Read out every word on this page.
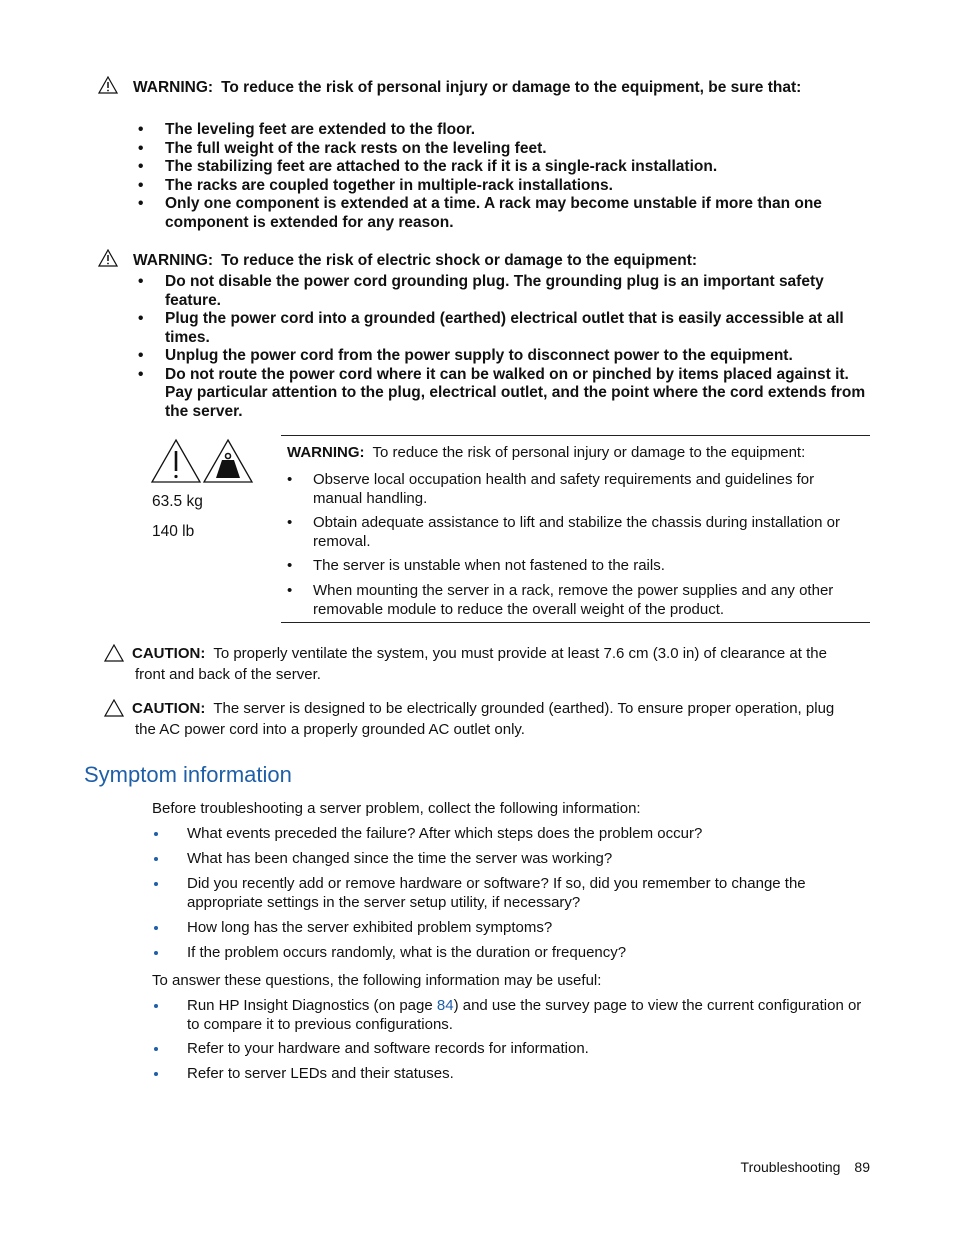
WARNING: To reduce the risk of personal injury or damage to the equipment, be sure that:
• The leveling feet are extended to the floor.
• The full weight of the rack rests on the leveling feet.
• The stabilizing feet are attached to the rack if it is a single-rack installation.
• The racks are coupled together in multiple-rack installations.
• Only one component is extended at a time. A rack may become unstable if more than one component is extended for any reason.
WARNING: To reduce the risk of electric shock or damage to the equipment:
• Do not disable the power cord grounding plug. The grounding plug is an important safety feature.
• Plug the power cord into a grounded (earthed) electrical outlet that is easily accessible at all times.
• Unplug the power cord from the power supply to disconnect power to the equipment.
• Do not route the power cord where it can be walked on or pinched by items placed against it. Pay particular attention to the plug, electrical outlet, and the point where the cord extends from the server.
63.5 kg
140 lb
WARNING: To reduce the risk of personal injury or damage to the equipment:
• Observe local occupation health and safety requirements and guidelines for manual handling.
• Obtain adequate assistance to lift and stabilize the chassis during installation or removal.
• The server is unstable when not fastened to the rails.
• When mounting the server in a rack, remove the power supplies and any other removable module to reduce the overall weight of the product.
CAUTION: To properly ventilate the system, you must provide at least 7.6 cm (3.0 in) of clearance at the
front and back of the server.
CAUTION: The server is designed to be electrically grounded (earthed). To ensure proper operation, plug
the AC power cord into a properly grounded AC outlet only.
Symptom information
Before troubleshooting a server problem, collect the following information:
What events preceded the failure? After which steps does the problem occur?
What has been changed since the time the server was working?
Did you recently add or remove hardware or software? If so, did you remember to change the appropriate settings in the server setup utility, if necessary?
How long has the server exhibited problem symptoms?
If the problem occurs randomly, what is the duration or frequency?
To answer these questions, the following information may be useful:
Run HP Insight Diagnostics (on page 84) and use the survey page to view the current configuration or to compare it to previous configurations.
Refer to your hardware and software records for information.
Refer to server LEDs and their statuses.
Troubleshooting 89
